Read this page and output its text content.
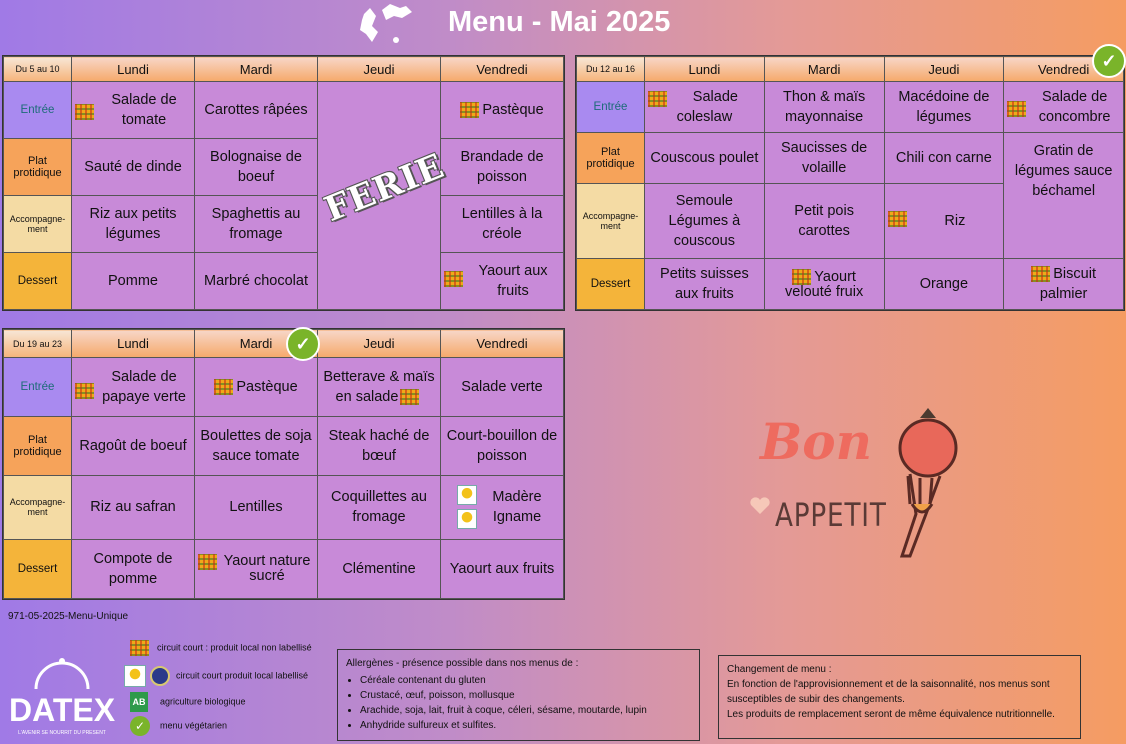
Menu - Mai 2025
Du 5 au 10	Lundi	Mardi	Jeudi	Vendredi
Entrée	Salade de tomate	Carottes râpées		Pastèque
Plat protidique	Sauté de dinde	Bolognaise de boeuf		Brandade de poisson
Accompagne-ment	Riz aux petits légumes	Spaghettis au fromage		Lentilles à la créole
Dessert	Pomme	Marbré chocolat		Yaourt aux fruits
FERIE
Du 12 au 16	Lundi	Mardi	Jeudi	Vendredi
Entrée	Salade coleslaw	Thon & maïs mayonnaise	Macédoine de légumes	Salade de concombre
Plat protidique	Couscous poulet	Saucisses de volaille	Chili con carne	Gratin de légumes sauce béchamel
Accompagne-ment	Semoule Légumes à couscous	Petit pois carottes	Riz	
Dessert	Petits suisses aux fruits	Yaourt velouté fruix	Orange	Biscuit palmier
✓
Du 19 au 23	Lundi	Mardi	Jeudi	Vendredi
Entrée	Salade de papaye verte	Pastèque	Betterave & maïs en salade	Salade verte
Plat protidique	Ragoût de boeuf	Boulettes de soja sauce tomate	Steak haché de bœuf	Court-bouillon de poisson
Accompagne-ment	Riz au safran	Lentilles	Coquillettes au fromage	Madère Igname

Dessert	Compote de pomme	Yaourt nature sucré	Clémentine	Yaourt aux fruits
✓
Bon
APPETIT
971-05-2025-Menu-Unique
circuit court : produit local non labellisé
circuit court produit local labellisé
AB agriculture biologique
✓ menu végétarien
Allergènes - présence possible dans nos menus de :
• Céréale contenant du gluten
• Crustacé, œuf, poisson, mollusque
• Arachide, soja, lait, fruit à coque, céleri, sésame, moutarde, lupin
• Anhydride sulfureux et sulfites.
Changement de menu :
En fonction de l'approvisionnement et de la saisonnalité, nos menus sont susceptibles de subir des changements.
Les produits de remplacement seront de même équivalence nutritionnelle.
DATEX
L'AVENIR SE NOURRIT DU PRESENT
